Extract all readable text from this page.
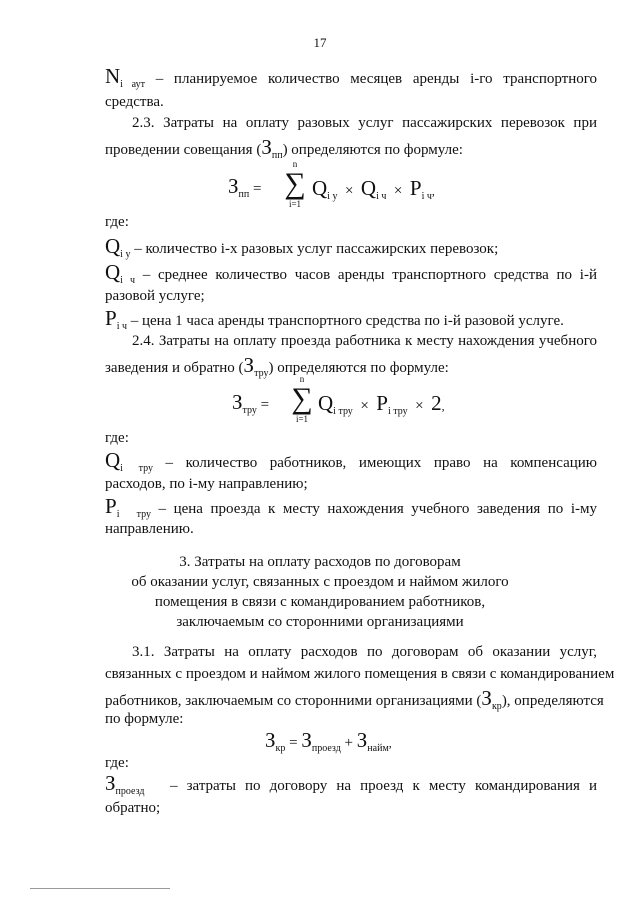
17
$N_{i аут}$ – планируемое количество месяцев аренды i-го транспортного
средства.
2.3. Затраты на оплату разовых услуг пассажирских перевозок при
проведении совещания $(З_{пп})$ определяются по формуле:
$З_{пп}$ =
n
∑
i=1
$Q_{i у} \times Q_{i ч} \times P_{i ч}$,
где:
$Q_{i у}$ – количество i-х разовых услуг пассажирских перевозок;
$Q_{i ч}$ – среднее количество часов аренды транспортного средства по i-й
разовой услуге;
$P_{i ч}$ – цена 1 часа аренды транспортного средства по i-й разовой услуге.
2.4. Затраты на оплату проезда работника к месту нахождения учебного
заведения и обратно $(З_{тру})$ определяются по формуле:
$З_{тру}$ =
n
∑
i=1
$Q_{i тру} \times P_{i тру} \times 2$,
где:
$Q_{i тру}$ – количество работников, имеющих право на компенсацию
расходов, по i-му направлению;
$P_{i тру}$ – цена проезда к месту нахождения учебного заведения по i-му
направлению.
3. Затраты на оплату расходов по договорам
об оказании услуг, связанных с проездом и наймом жилого
помещения в связи с командированием работников,
заключаемым со сторонними организациями
3.1. Затраты на оплату расходов по договорам об оказании услуг,
связанных с проездом и наймом жилого помещения в связи с командированием
работников, заключаемым со сторонними организациями $(З_{кр})$, определяются
по формуле:
$З_{кр} = З_{проезд} + З_{найм}$,
где:
$З_{проезд}$ – затраты по договору на проезд к месту командирования и
обратно;
